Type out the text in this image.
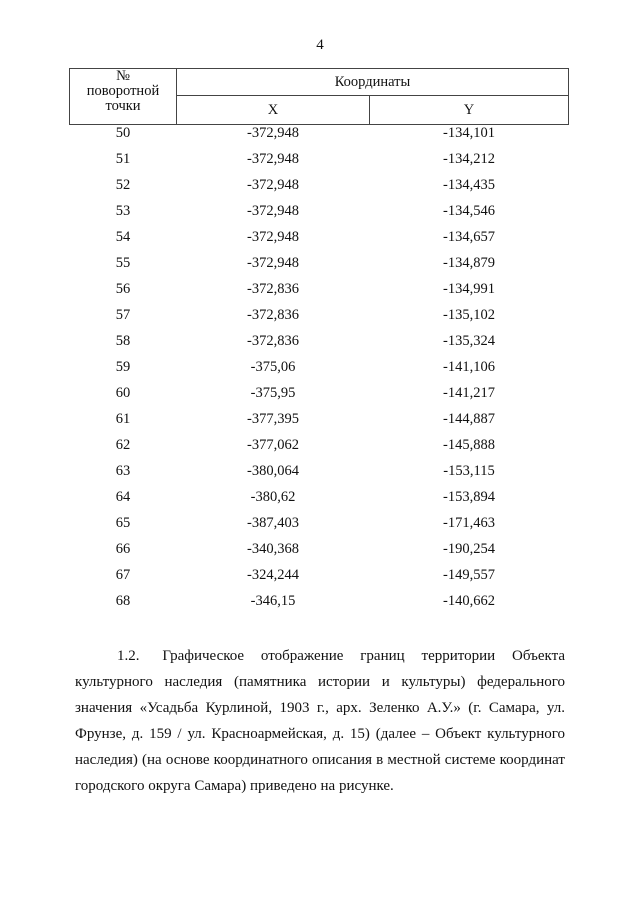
4
№
поворотной
точки	Координаты	
	X	Y
50	-372,948	-134,101
51	-372,948	-134,212
52	-372,948	-134,435
53	-372,948	-134,546
54	-372,948	-134,657
55	-372,948	-134,879
56	-372,836	-134,991
57	-372,836	-135,102
58	-372,836	-135,324
59	-375,06	-141,106
60	-375,95	-141,217
61	-377,395	-144,887
62	-377,062	-145,888
63	-380,064	-153,115
64	-380,62	-153,894
65	-387,403	-171,463
66	-340,368	-190,254
67	-324,244	-149,557
68	-346,15	-140,662

1.2. Графическое отображение границ территории Объекта культурного наследия (памятника истории и культуры) федерального значения «Усадьба Курлиной, 1903 г., арх. Зеленко А.У.» (г. Самара, ул. Фрунзе, д. 159 / ул. Красноармейская, д. 15) (далее – Объект культурного наследия) (на основе координатного описания в местной системе координат городского округа Самара) приведено на рисунке.
